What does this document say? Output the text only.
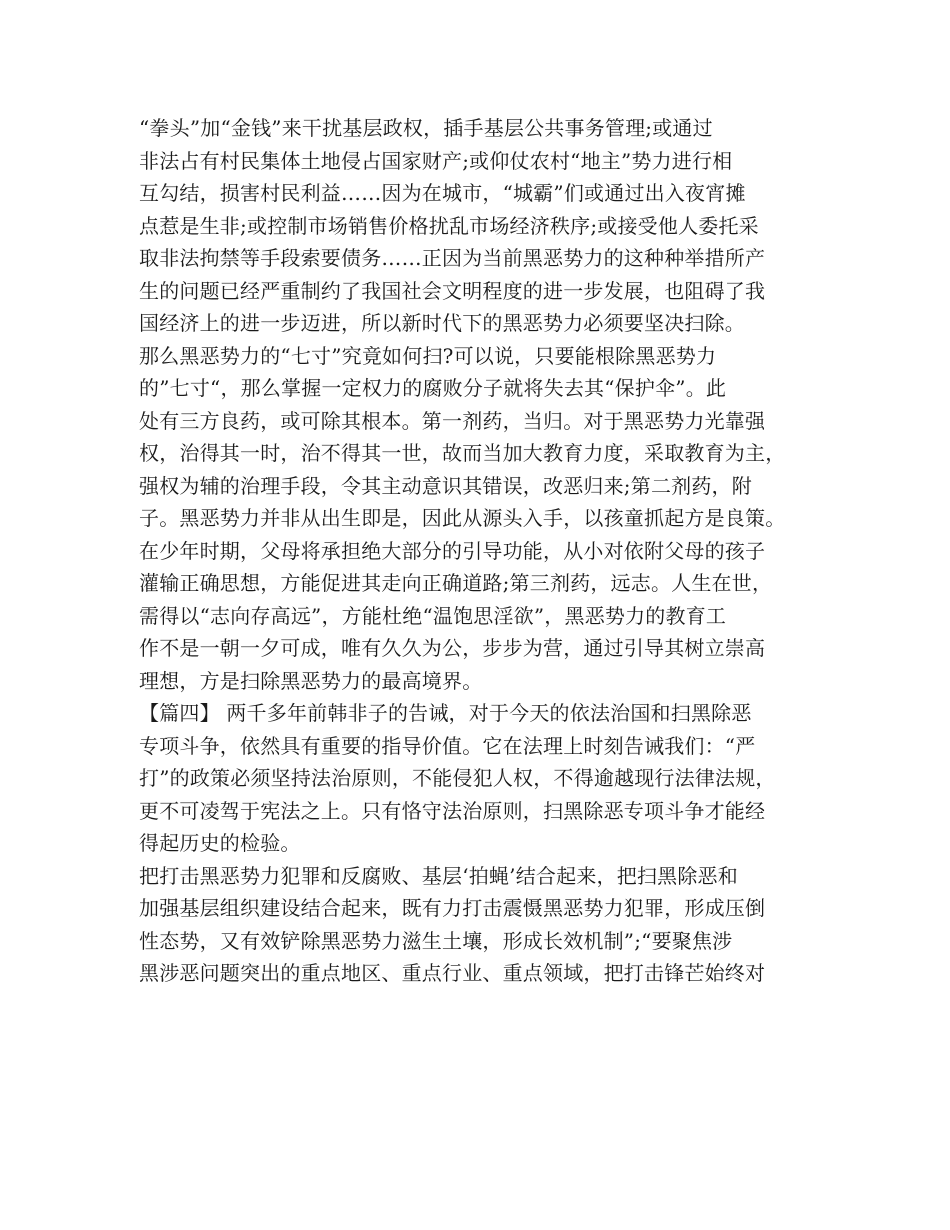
“拳头”加“金钱”来干扰基层政权，插手基层公共事务管理;或通过
非法占有村民集体土地侵占国家财产;或仰仗农村“地主”势力进行相
互勾结，损害村民利益……因为在城市，“城霸”们或通过出入夜宵摊
点惹是生非;或控制市场销售价格扰乱市场经济秩序;或接受他人委托采
取非法拘禁等手段索要债务……正因为当前黑恶势力的这种种举措所产
生的问题已经严重制约了我国社会文明程度的进一步发展，也阻碍了我
国经济上的进一步迈进，所以新时代下的黑恶势力必须要坚决扫除。
那么黑恶势力的“七寸”究竟如何扫?可以说，只要能根除黑恶势力
的”七寸“，那么掌握一定权力的腐败分子就将失去其“保护伞”。此
处有三方良药，或可除其根本。第一剂药，当归。对于黑恶势力光靠强
权，治得其一时，治不得其一世，故而当加大教育力度，采取教育为主，
强权为辅的治理手段，令其主动意识其错误，改恶归来;第二剂药，附
子。黑恶势力并非从出生即是，因此从源头入手，以孩童抓起方是良策。
在少年时期，父母将承担绝大部分的引导功能，从小对依附父母的孩子
灌输正确思想，方能促进其走向正确道路;第三剂药，远志。人生在世，
需得以“志向存高远”，方能杜绝“温饱思淫欲”，黑恶势力的教育工
作不是一朝一夕可成，唯有久久为公，步步为营，通过引导其树立崇高
理想，方是扫除黑恶势力的最高境界。
【篇四】 两千多年前韩非子的告诫，对于今天的依法治国和扫黑除恶
专项斗争，依然具有重要的指导价值。它在法理上时刻告诫我们：“严
打”的政策必须坚持法治原则，不能侵犯人权，不得逾越现行法律法规，
更不可凌驾于宪法之上。只有恪守法治原则，扫黑除恶专项斗争才能经
得起历史的检验。
把打击黑恶势力犯罪和反腐败、基层‘拍蝇’结合起来，把扫黑除恶和
加强基层组织建设结合起来，既有力打击震慑黑恶势力犯罪，形成压倒
性态势，又有效铲除黑恶势力滋生土壤，形成长效机制”;“要聚焦涉
黑涉恶问题突出的重点地区、重点行业、重点领域，把打击锋芒始终对
